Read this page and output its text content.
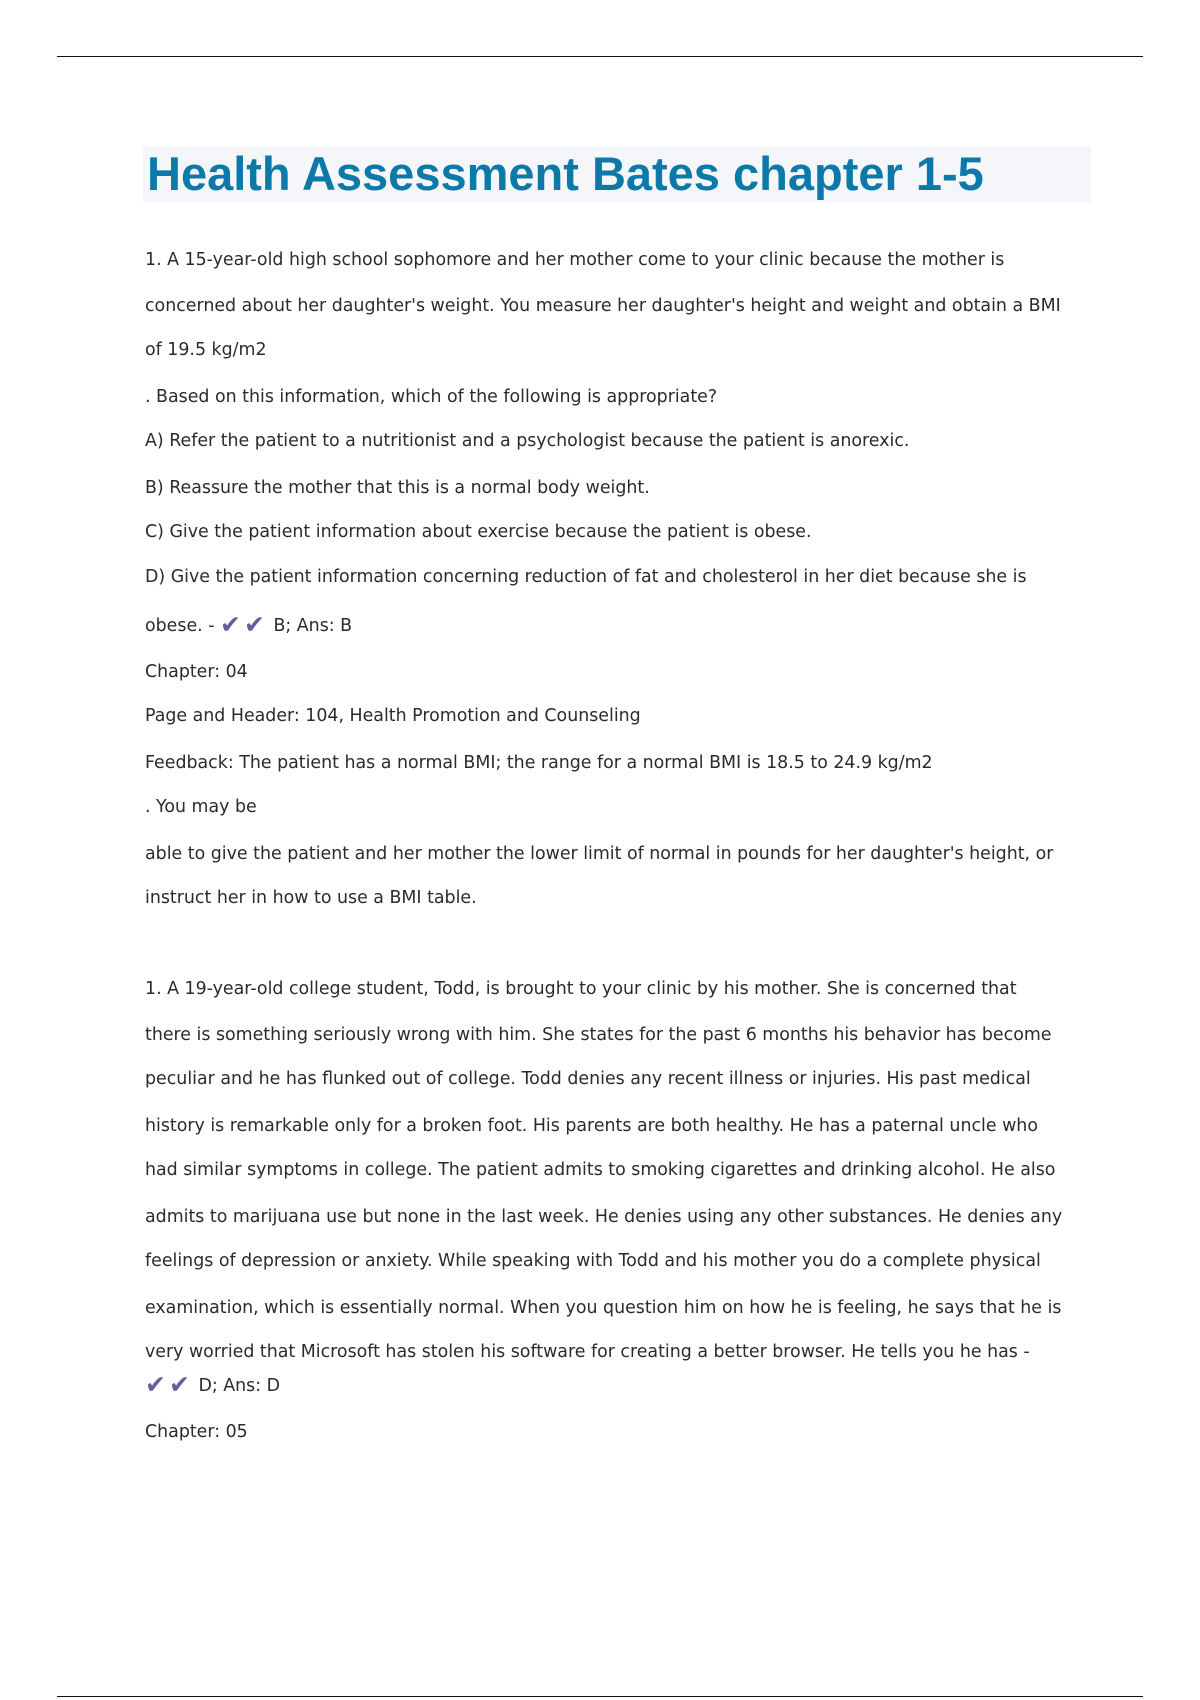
Health Assessment Bates chapter 1-5

1. A 15-year-old high school sophomore and her mother come to your clinic because the mother is

concerned about her daughter's weight. You measure her daughter's height and weight and obtain a BMI

of 19.5 kg/m2

. Based on this information, which of the following is appropriate?

A) Refer the patient to a nutritionist and a psychologist because the patient is anorexic.

B) Reassure the mother that this is a normal body weight.

C) Give the patient information about exercise because the patient is obese.

D) Give the patient information concerning reduction of fat and cholesterol in her diet because she is

obese. - ✔✔ B; Ans: B

Chapter: 04

Page and Header: 104, Health Promotion and Counseling

Feedback: The patient has a normal BMI; the range for a normal BMI is 18.5 to 24.9 kg/m2

. You may be

able to give the patient and her mother the lower limit of normal in pounds for her daughter's height, or

instruct her in how to use a BMI table.

1. A 19-year-old college student, Todd, is brought to your clinic by his mother. She is concerned that

there is something seriously wrong with him. She states for the past 6 months his behavior has become

peculiar and he has flunked out of college. Todd denies any recent illness or injuries. His past medical

history is remarkable only for a broken foot. His parents are both healthy. He has a paternal uncle who

had similar symptoms in college. The patient admits to smoking cigarettes and drinking alcohol. He also

admits to marijuana use but none in the last week. He denies using any other substances. He denies any

feelings of depression or anxiety. While speaking with Todd and his mother you do a complete physical

examination, which is essentially normal. When you question him on how he is feeling, he says that he is

very worried that Microsoft has stolen his software for creating a better browser. He tells you he has -

✔✔ D; Ans: D

Chapter: 05
